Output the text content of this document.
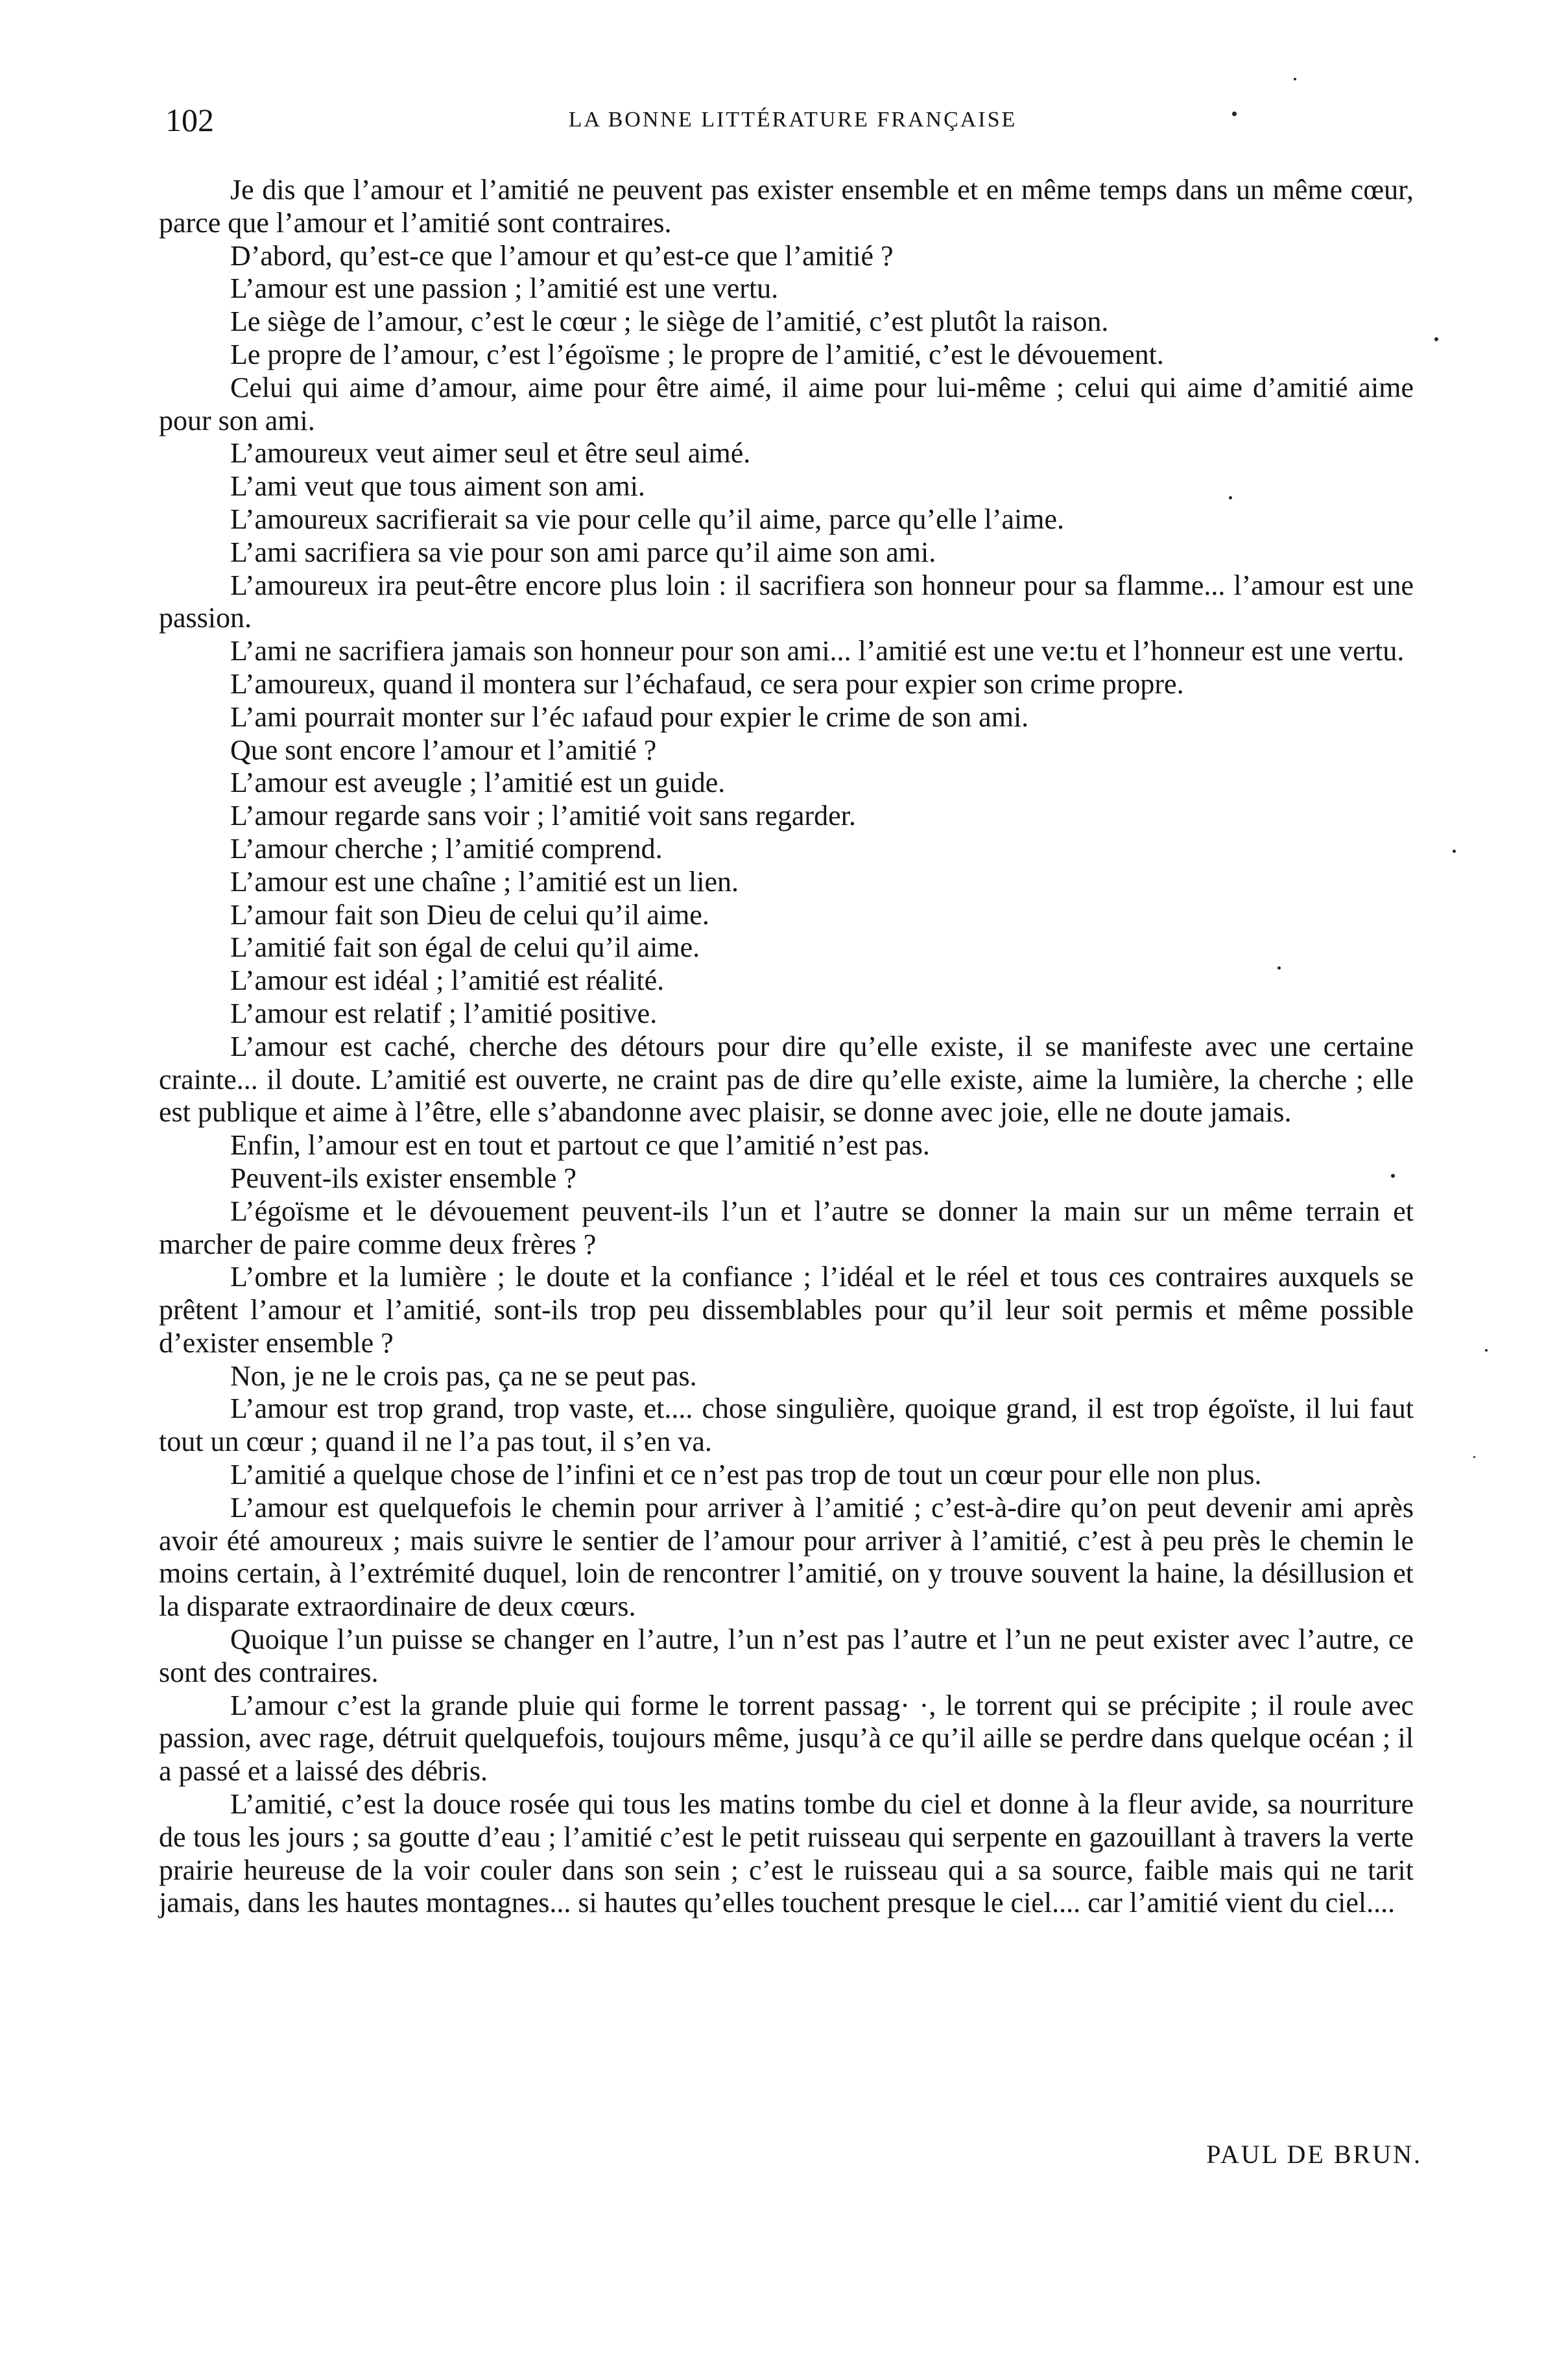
102	LA BONNE LITTÉRATURE FRANÇAISE

Je dis que l’amour et l’amitié ne peuvent pas exister ensemble et en même temps dans un même cœur, parce que l’amour et l’amitié sont contraires.

D’abord, qu’est-ce que l’amour et qu’est-ce que l’amitié ?

L’amour est une passion ; l’amitié est une vertu.

Le siège de l’amour, c’est le cœur ; le siège de l’amitié, c’est plutôt la raison.

Le propre de l’amour, c’est l’égoïsme ; le propre de l’amitié, c’est le dévouement.

Celui qui aime d’amour, aime pour être aimé, il aime pour lui-même ; celui qui aime d’amitié aime pour son ami.

L’amoureux veut aimer seul et être seul aimé.

L’ami veut que tous aiment son ami.

L’amoureux sacrifierait sa vie pour celle qu’il aime, parce qu’elle l’aime.

L’ami sacrifiera sa vie pour son ami parce qu’il aime son ami.

L’amoureux ira peut-être encore plus loin : il sacrifiera son honneur pour sa flamme... l’amour est une passion.

L’ami ne sacrifiera jamais son honneur pour son ami... l’amitié est une ve:tu et l’honneur est une vertu.

L’amoureux, quand il montera sur l’échafaud, ce sera pour expier son crime propre.

L’ami pourrait monter sur l’éc ıafaud pour expier le crime de son ami.

Que sont encore l’amour et l’amitié ?

L’amour est aveugle ; l’amitié est un guide.

L’amour regarde sans voir ; l’amitié voit sans regarder.

L’amour cherche ; l’amitié comprend.

L’amour est une chaîne ; l’amitié est un lien.

L’amour fait son Dieu de celui qu’il aime.

L’amitié fait son égal de celui qu’il aime.

L’amour est idéal ; l’amitié est réalité.

L’amour est relatif ; l’amitié positive.

L’amour est caché, cherche des détours pour dire qu’elle existe, il se manifeste avec une certaine crainte... il doute. L’amitié est ouverte, ne craint pas de dire qu’elle existe, aime la lumière, la cherche ; elle est publique et aime à l’être, elle s’abandonne avec plaisir, se donne avec joie, elle ne doute jamais.

Enfin, l’amour est en tout et partout ce que l’amitié n’est pas.

Peuvent-ils exister ensemble ?

L’égoïsme et le dévouement peuvent-ils l’un et l’autre se donner la main sur un même terrain et marcher de paire comme deux frères ?

L’ombre et la lumière ; le doute et la confiance ; l’idéal et le réel et tous ces contraires auxquels se prêtent l’amour et l’amitié, sont-ils trop peu dissemblables pour qu’il leur soit permis et même possible d’exister ensemble ?

Non, je ne le crois pas, ça ne se peut pas.

L’amour est trop grand, trop vaste, et.... chose singulière, quoique grand, il est trop égoïste, il lui faut tout un cœur ; quand il ne l’a pas tout, il s’en va.

L’amitié a quelque chose de l’infini et ce n’est pas trop de tout un cœur pour elle non plus.

L’amour est quelquefois le chemin pour arriver à l’amitié ; c’est-à-dire qu’on peut devenir ami après avoir été amoureux ; mais suivre le sentier de l’amour pour arriver à l’amitié, c’est à peu près le chemin le moins certain, à l’extrémité duquel, loin de rencontrer l’amitié, on y trouve souvent la haine, la désillusion et la disparate extraordinaire de deux cœurs.

Quoique l’un puisse se changer en l’autre, l’un n’est pas l’autre et l’un ne peut exister avec l’autre, ce sont des contraires.

L’amour c’est la grande pluie qui forme le torrent passag· ·, le torrent qui se précipite ; il roule avec passion, avec rage, détruit quelquefois, toujours même, jusqu’à ce qu’il aille se perdre dans quelque océan ; il a passé et a laissé des débris.

L’amitié, c’est la douce rosée qui tous les matins tombe du ciel et donne à la fleur avide, sa nourriture de tous les jours ; sa goutte d’eau ; l’amitié c’est le petit ruisseau qui serpente en gazouillant à travers la verte prairie heureuse de la voir couler dans son sein ; c’est le ruisseau qui a sa source, faible mais qui ne tarit jamais, dans les hautes montagnes... si hautes qu’elles touchent presque le ciel.... car l’amitié vient du ciel....

PAUL DE BRUN.
